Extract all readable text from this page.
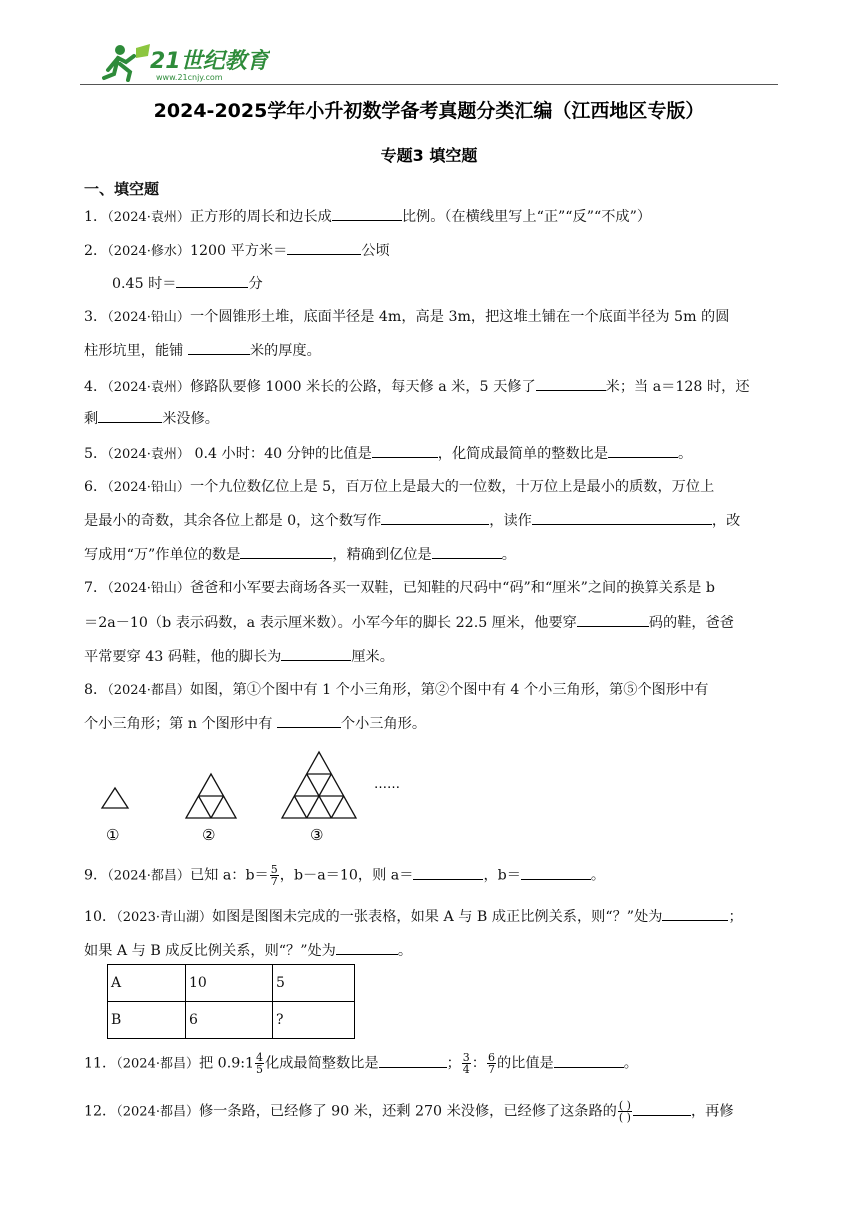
21世纪教育
www.21cnjy.com
2024-2025学年小升初数学备考真题分类汇编（江西地区专版）
专题3 填空题
一、填空题
1．（2024·袁州）正方形的周长和边长成	比例。（在横线里写上“正”“反”“不成”）
2．（2024·修水）1200 平方米＝	公顷
0.45 时＝	分
3．（2024·铅山）一个圆锥形土堆，底面半径是 4m，高是 3m，把这堆土铺在一个底面半径为 5m 的圆
柱形坑里，能铺	米的厚度。
4．（2024·袁州）修路队要修 1000 米长的公路，每天修 a 米，5 天修了	米；当 a＝128 时，还
剩	米没修。
5．（2024·袁州） 0.4 小时：40 分钟的比值是	，化简成最简单的整数比是	。
6．（2024·铅山）一个九位数亿位上是 5，百万位上是最大的一位数，十万位上是最小的质数，万位上
是最小的奇数，其余各位上都是 0，这个数写作	，读作	，改
写成用“万”作单位的数是	，精确到亿位是	。
7．（2024·铅山）爸爸和小军要去商场各买一双鞋，已知鞋的尺码中“码”和“厘米”之间的换算关系是 b
＝2a－10（b 表示码数，a 表示厘米数）。小军今年的脚长 22.5 厘米，他要穿	码的鞋，爸爸
平常要穿 43 码鞋，他的脚长为	厘米。
8．（2024·都昌）如图，第①个图中有 1 个小三角形，第②个图中有 4 个小三角形，第⑤个图形中有
个小三角形；第 n 个图形中有	个小三角形。
①	②	③
……
9．（2024·都昌）已知 a：$b= \frac{5}{7}$ ，b－a＝10，则 a＝	，b＝	。
10．（2023·青山湖）如图是图图未完成的一张表格，如果 A 与 B 成正比例关系，则“？”处为	；
如果 A 与 B 成反比例关系，则“？”处为	。
A	10	5
B	6	?
11．（2024·都昌）把 0.9:1 $\frac{4}{5}$ 化成最简整数比是	； $\frac{3}{4}$ ： $\frac{6}{7}$ 的比值是	。
12．（2024·都昌）修一条路，已经修了 90 米，还剩 270 米没修，已经修了这条路的 $\frac{( )}{( )}$	，再修
